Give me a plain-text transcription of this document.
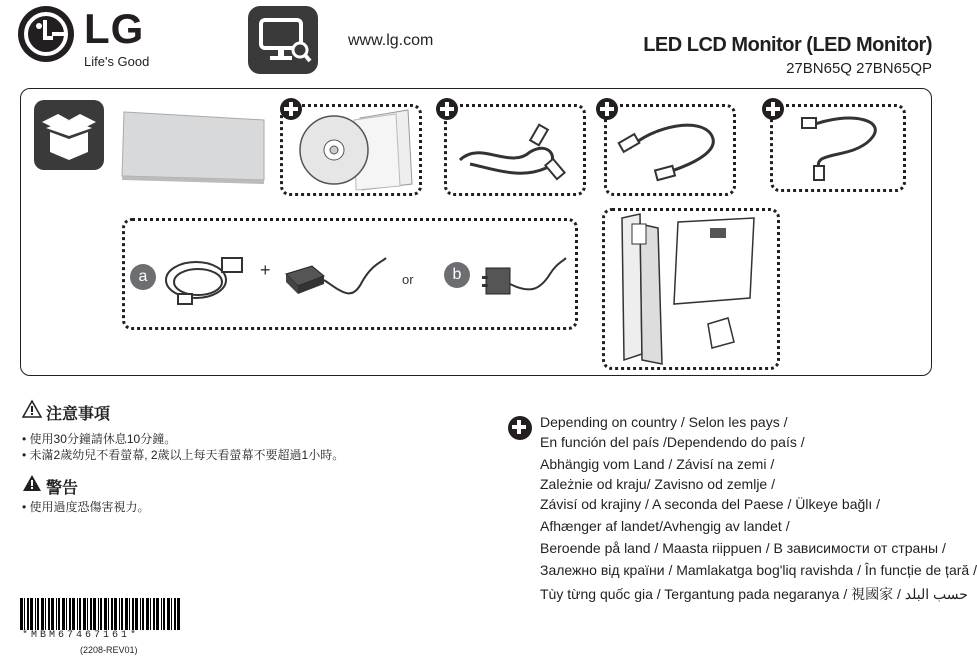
LG
Life's Good
www.lg.com	LED LCD Monitor (LED Monitor)
27BN65Q 27BN65QP
a	+	or	b
注意事項
• 使用30分鐘請休息10分鐘。
• 未滿2歲幼兒不看螢幕, 2歲以上每天看螢幕不要超過1小時。
警告
• 使用過度恐傷害視力。
Depending on country / Selon les pays /
En función del país /Dependendo do país /
Abhängig vom Land / Závisí na zemi /
Zależnie od kraju/ Zavisno od zemlje /
Závisí od krajiny / A seconda del Paese / Ülkeye bağlı /
Afhænger af landet/Avhengig av landet /
Beroende på land / Maasta riippuen / В зависимости от страны /
Залежно від країни / Mamlakatga bog'liq ravishda / În funcție de țară /
Tùy từng quốc gia / Tergantung pada negaranya / 視國家 / حسب البلد
*MBM67467161*
(2208-REV01)
